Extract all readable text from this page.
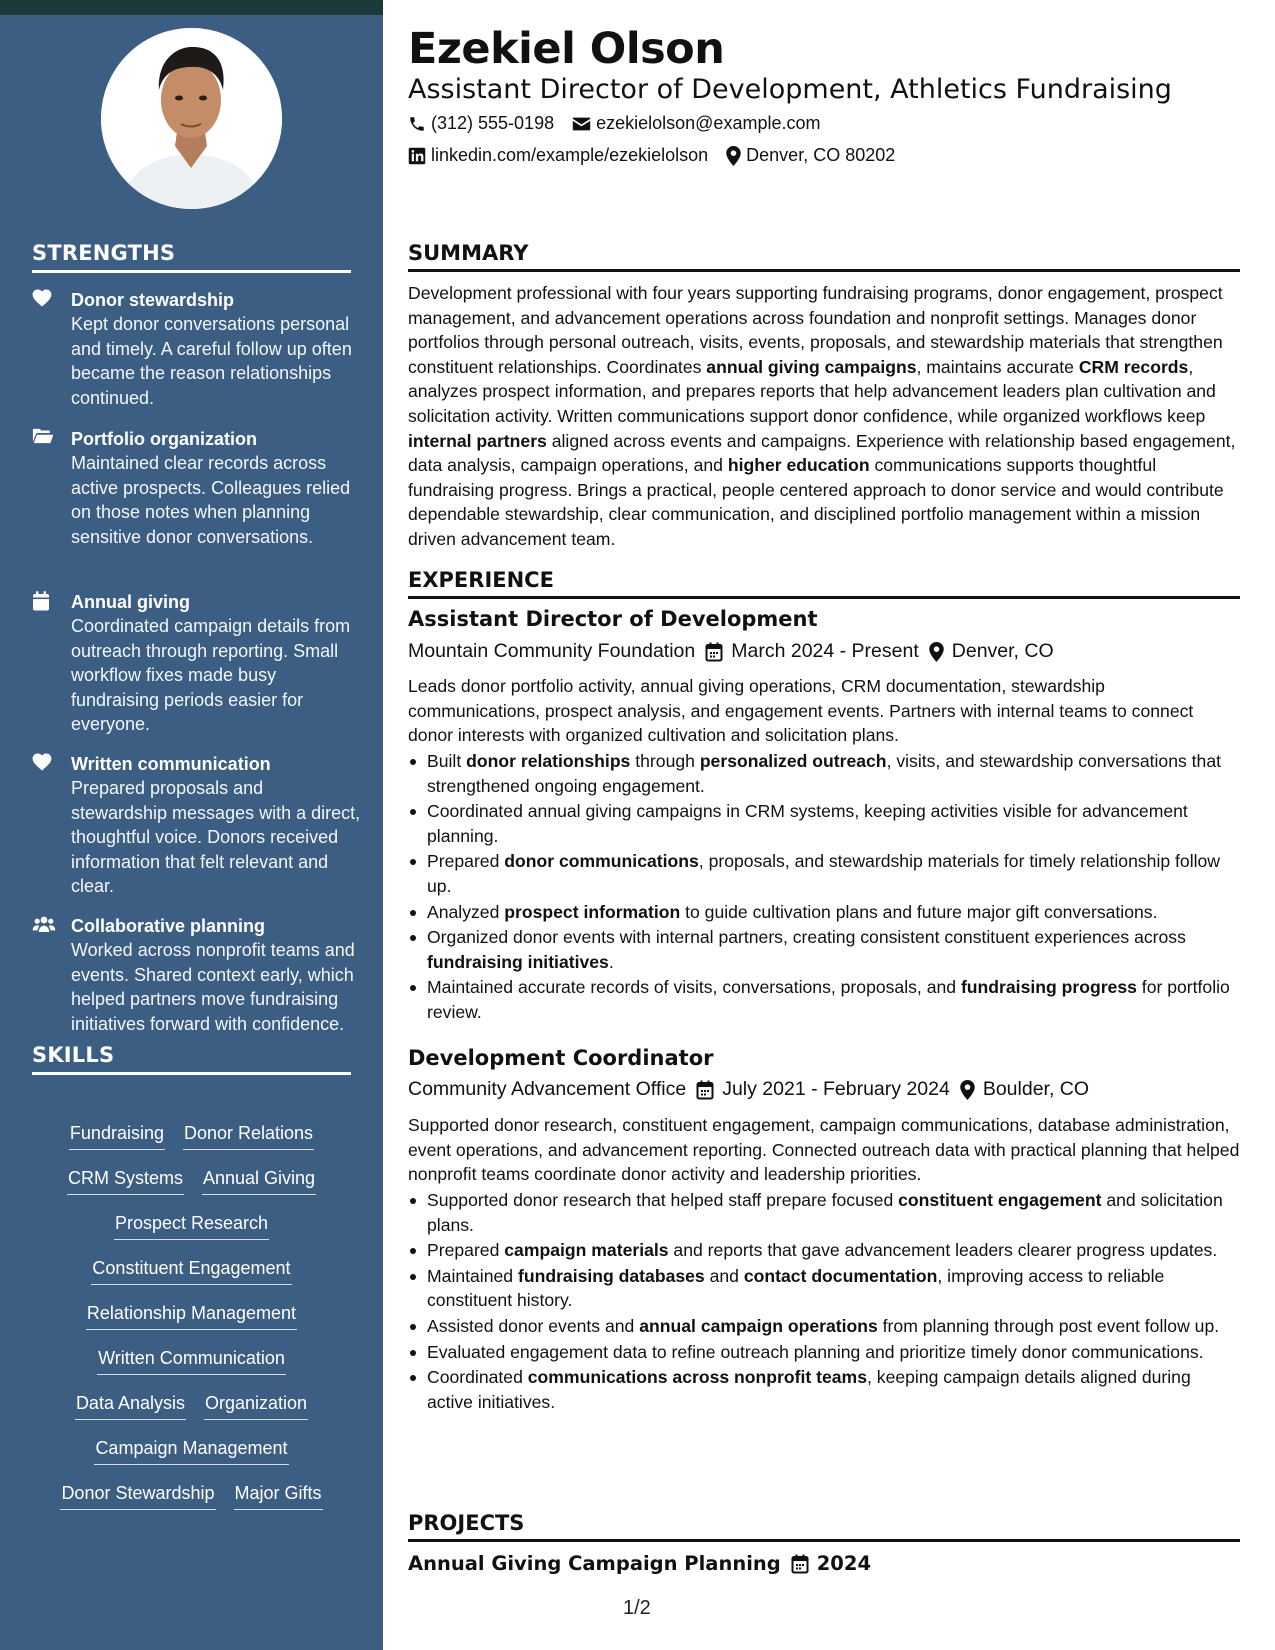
STRENGTHS
Donor stewardship
Kept donor conversations personal and timely. A careful follow up often became the reason relationships continued.
Portfolio organization
Maintained clear records across active prospects. Colleagues relied on those notes when planning sensitive donor conversations.
Annual giving
Coordinated campaign details from outreach through reporting. Small workflow fixes made busy fundraising periods easier for everyone.
Written communication
Prepared proposals and stewardship messages with a direct, thoughtful voice. Donors received information that felt relevant and clear.
Collaborative planning
Worked across nonprofit teams and events. Shared context early, which helped partners move fundraising initiatives forward with confidence.
SKILLS
Fundraising Donor Relations
CRM Systems Annual Giving
Prospect Research
Constituent Engagement
Relationship Management
Written Communication
Data Analysis Organization
Campaign Management
Donor Stewardship Major Gifts
Ezekiel Olson
Assistant Director of Development, Athletics Fundraising
(312) 555-0198 ezekielolson@example.com
linkedin.com/example/ezekielolson Denver, CO 80202
SUMMARY
Development professional with four years supporting fundraising programs, donor engagement, prospect management, and advancement operations across foundation and nonprofit settings. Manages donor portfolios through personal outreach, visits, events, proposals, and stewardship materials that strengthen constituent relationships. Coordinates annual giving campaigns, maintains accurate CRM records, analyzes prospect information, and prepares reports that help advancement leaders plan cultivation and solicitation activity. Written communications support donor confidence, while organized workflows keep internal partners aligned across events and campaigns. Experience with relationship based engagement, data analysis, campaign operations, and higher education communications supports thoughtful fundraising progress. Brings a practical, people centered approach to donor service and would contribute dependable stewardship, clear communication, and disciplined portfolio management within a mission driven advancement team.
EXPERIENCE
Assistant Director of Development
Mountain Community Foundation March 2024 - Present Denver, CO
Leads donor portfolio activity, annual giving operations, CRM documentation, stewardship communications, prospect analysis, and engagement events. Partners with internal teams to connect donor interests with organized cultivation and solicitation plans.
Built donor relationships through personalized outreach, visits, and stewardship conversations that strengthened ongoing engagement.
Coordinated annual giving campaigns in CRM systems, keeping activities visible for advancement planning.
Prepared donor communications, proposals, and stewardship materials for timely relationship follow up.
Analyzed prospect information to guide cultivation plans and future major gift conversations.
Organized donor events with internal partners, creating consistent constituent experiences across fundraising initiatives.
Maintained accurate records of visits, conversations, proposals, and fundraising progress for portfolio review.
Development Coordinator
Community Advancement Office July 2021 - February 2024 Boulder, CO
Supported donor research, constituent engagement, campaign communications, database administration, event operations, and advancement reporting. Connected outreach data with practical planning that helped nonprofit teams coordinate donor activity and leadership priorities.
Supported donor research that helped staff prepare focused constituent engagement and solicitation plans.
Prepared campaign materials and reports that gave advancement leaders clearer progress updates.
Maintained fundraising databases and contact documentation, improving access to reliable constituent history.
Assisted donor events and annual campaign operations from planning through post event follow up.
Evaluated engagement data to refine outreach planning and prioritize timely donor communications.
Coordinated communications across nonprofit teams, keeping campaign details aligned during active initiatives.
PROJECTS
Annual Giving Campaign Planning 2024
1/2
